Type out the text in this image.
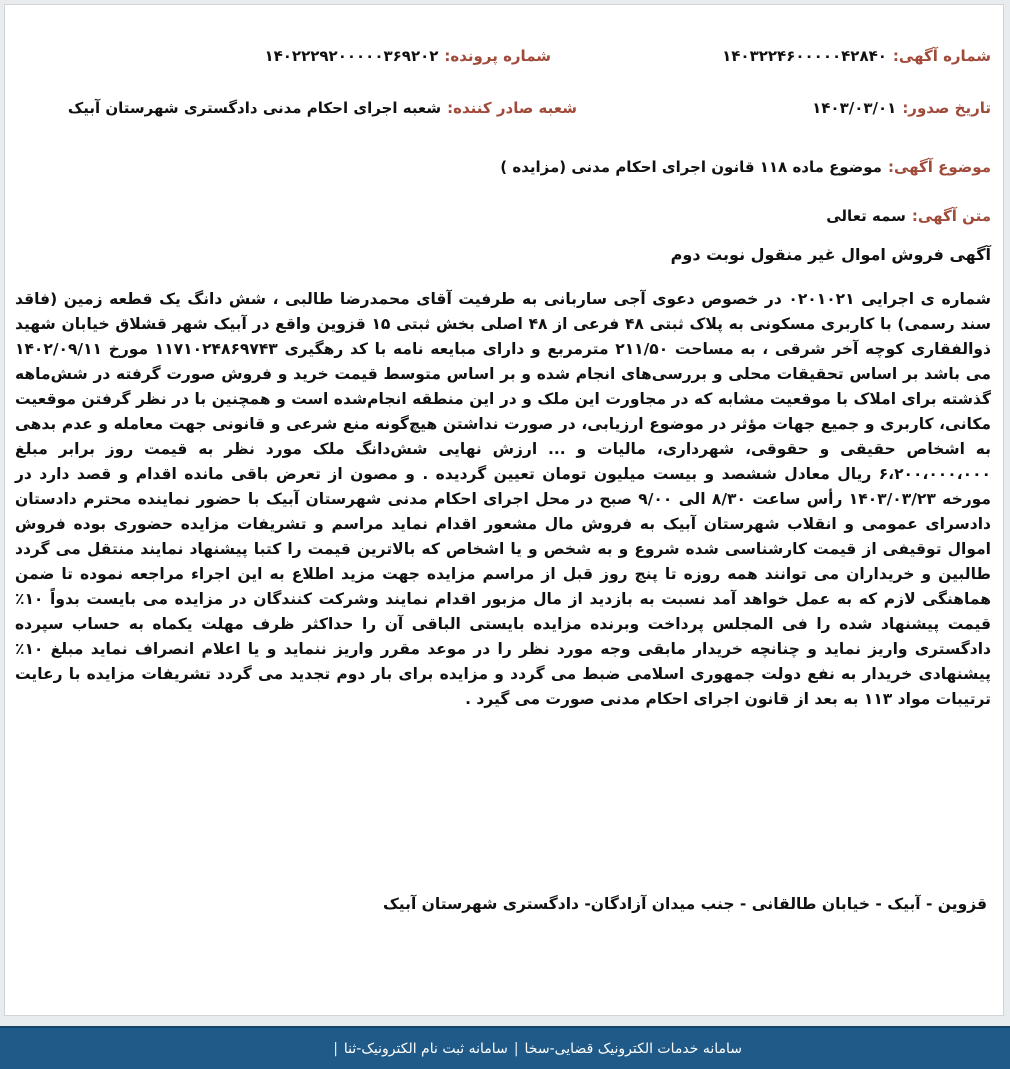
شماره آگهی:
۱۴۰۳۲۲۴۶۰۰۰۰۰۴۲۸۴۰
شماره پرونده:
۱۴۰۲۲۲۹۲۰۰۰۰۰۳۶۹۲۰۲
تاریخ صدور:
۱۴۰۳/۰۳/۰۱
شعبه صادر کننده:
شعبه اجرای احکام مدنی دادگستری شهرستان آبیک
موضوع آگهی:
موضوع ماده ۱۱۸ قانون اجرای احکام مدنی (مزایده )
متن آگهی:
سمه تعالی
آگهی فروش اموال غیر منقول نوبت دوم
شماره ی اجرایی ۰۲۰۱۰۲۱ در خصوص دعوی آجی ساربانی به طرفیت آقای محمدرضا طالبی ، شش دانگ یک قطعه زمین (فاقد سند رسمی) با کاربری مسکونی به پلاک ثبتی ۴۸ فرعی از ۴۸ اصلی بخش ثبتی ۱۵ قزوین واقع در آبیک شهر قشلاق خیابان شهید ذوالفقاری کوچه آخر شرقی ، به مساحت ۲۱۱/۵۰ مترمربع و دارای مبایعه نامه با کد رهگیری ۱۱۷۱۰۲۴۸۶۹۷۴۳ مورخ ۱۴۰۲/۰۹/۱۱ می باشد بر اساس تحقیقات محلی و بررسی‌های انجام شده و بر اساس متوسط قیمت خرید و فروش صورت گرفته در شش‌ماهه گذشته برای املاک با موقعیت مشابه که در مجاورت این ملک و در این منطقه انجام‌شده است و همچنین با در نظر گرفتن موقعیت مکانی، کاربری و جمیع جهات مؤثر در موضوع ارزیابی، در صورت نداشتن هیچ‌گونه منع شرعی و قانونی جهت معامله و عدم بدهی به اشخاص حقیقی و حقوقی، شهرداری، مالیات و ... ارزش نهایی شش‌دانگ ملک مورد نظر به قیمت روز برابر مبلغ ۶،۲۰۰،۰۰۰،۰۰۰ ریال معادل ششصد و بیست میلیون تومان تعیین گردیده . و مصون از تعرض باقی مانده اقدام و قصد دارد در مورخه ۱۴۰۳/۰۳/۲۳ رأس ساعت ۸/۳۰ الی ۹/۰۰ صبح در محل اجرای احکام مدنی شهرستان آبیک با حضور نماینده محترم دادستان دادسرای عمومی و انقلاب شهرستان آبیک به فروش مال مشعور اقدام نماید مراسم و تشریفات مزایده حضوری بوده فروش اموال توقیفی از قیمت کارشناسی شده شروع و به شخص و یا اشخاص که بالاترین قیمت را کتبا پیشنهاد نمایند منتقل می گردد طالبین و خریداران می توانند همه روزه تا پنج روز قبل از مراسم مزایده جهت مزید اطلاع به این اجراء مراجعه نموده تا ضمن هماهنگی لازم که به عمل خواهد آمد نسبت به بازدید از مال مزبور اقدام نمایند وشرکت کنندگان در مزایده می بایست بدواً ۱۰٪ قیمت پیشنهاد شده را فی المجلس پرداخت وبرنده مزایده بایستی الباقی آن را حداکثر ظرف مهلت یکماه به حساب سپرده دادگستری واریز نماید و چنانچه خریدار مابقی وجه مورد نظر را در موعد مقرر واریز ننماید و یا اعلام انصراف نماید مبلغ ۱۰٪ پیشنهادی خریدار به نفع دولت جمهوری اسلامی ضبط می گردد و مزایده برای بار دوم تجدید می گردد تشریفات مزایده با رعایت ترتیبات مواد ۱۱۳ به بعد از قانون اجرای احکام مدنی صورت می گیرد .
قزوین - آبیک - خیابان طالقانی - جنب میدان آزادگان- دادگستری شهرستان آبیک
سامانه خدمات الکترونیک قضایی-سخا
|
سامانه ثبت نام الکترونیک-ثنا
|
